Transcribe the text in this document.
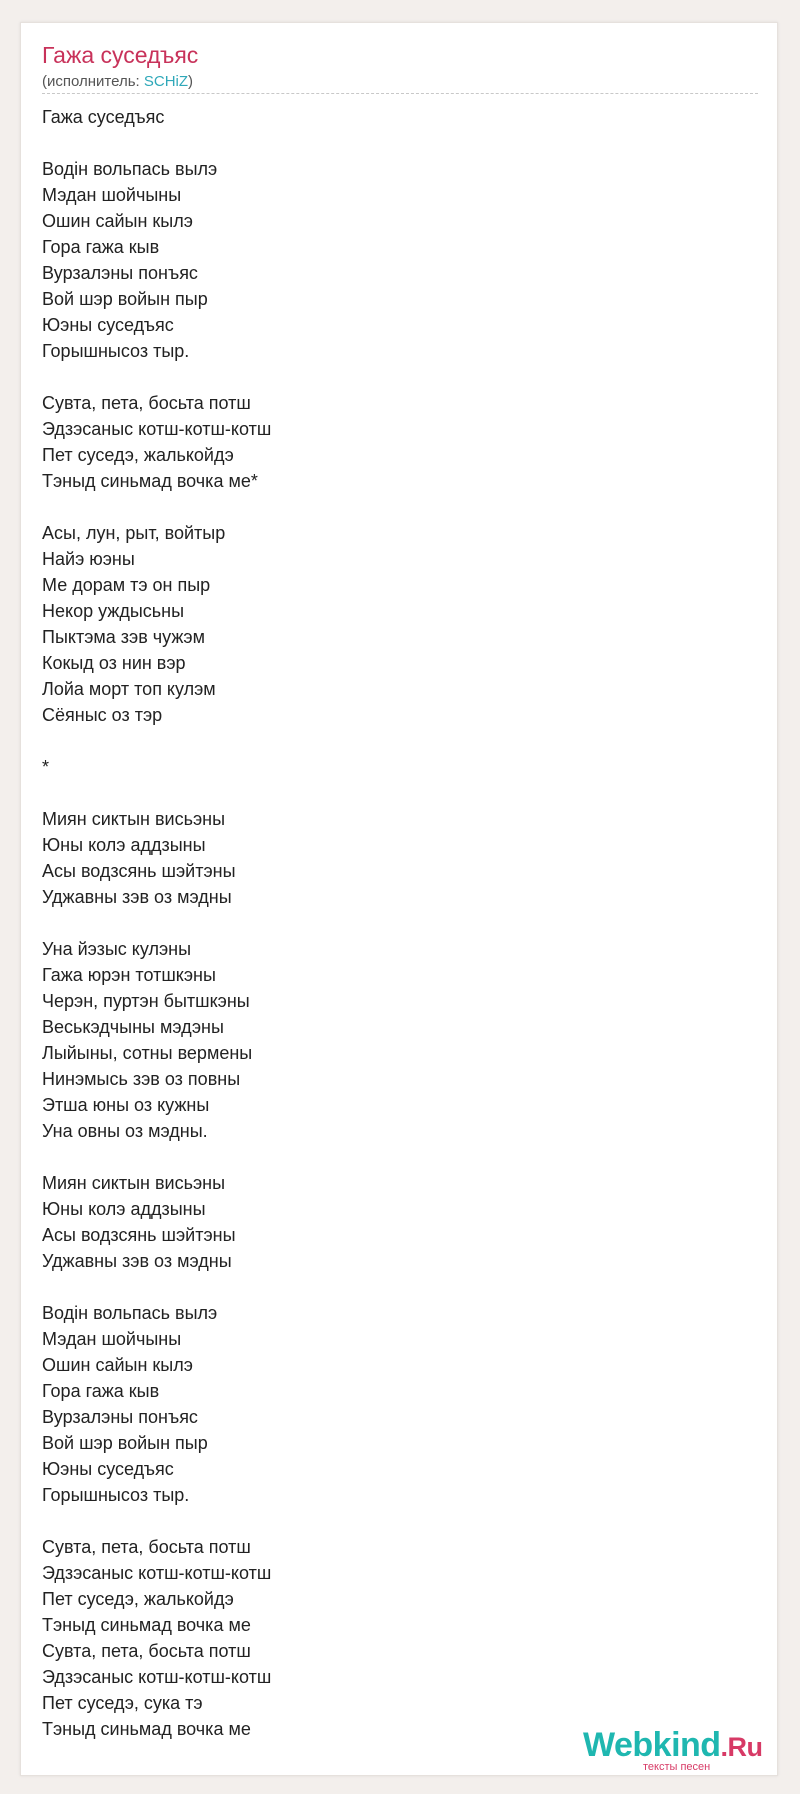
Гажа суседъяс
(исполнитель: SCHiZ)
Гажа суседъяс
Водiн вольпась вылэ
Мэдан шойчыны
Ошин сайын кылэ
Гора гажа кыв
Вурзалэны понъяс
Вой шэр войын пыр
Юэны суседъяс
Горышнысоз тыр.
Сувта, пета, босьта потш
Эдзэсаныс котш-котш-котш
Пет суседэ, жалькойдэ
Тэныд синьмад вочка ме*
Асы, лун, рыт, войтыр
Найэ юэны
Ме дорам тэ он пыр
Некор уждысьны
Пыктэма зэв чужэм
Кокыд оз нин вэр
Лойа морт топ кулэм
Сёяныс оз тэр
*
Миян сиктын висьэны
Юны колэ аддзыны
Асы водзсянь шэйтэны
Уджавны зэв оз мэдны
Уна йэзыс кулэны
Гажа юрэн тотшкэны
Черэн, пуртэн бытшкэны
Веськэдчыны мэдэны
Лыйыны, сотны вермены
Нинэмысь зэв оз повны
Этша юны оз кужны
Уна овны оз мэдны.
Миян сиктын висьэны
Юны колэ аддзыны
Асы водзсянь шэйтэны
Уджавны зэв оз мэдны
Водiн вольпась вылэ
Мэдан шойчыны
Ошин сайын кылэ
Гора гажа кыв
Вурзалэны понъяс
Вой шэр войын пыр
Юэны суседъяс
Горышнысоз тыр.
Сувта, пета, босьта потш
Эдзэсаныс котш-котш-котш
Пет суседэ, жалькойдэ
Тэныд синьмад вочка ме
Сувта, пета, босьта потш
Эдзэсаныс котш-котш-котш
Пет суседэ, сука тэ
Тэныд синьмад вочка ме	Webkind.Ru
тексты песен
